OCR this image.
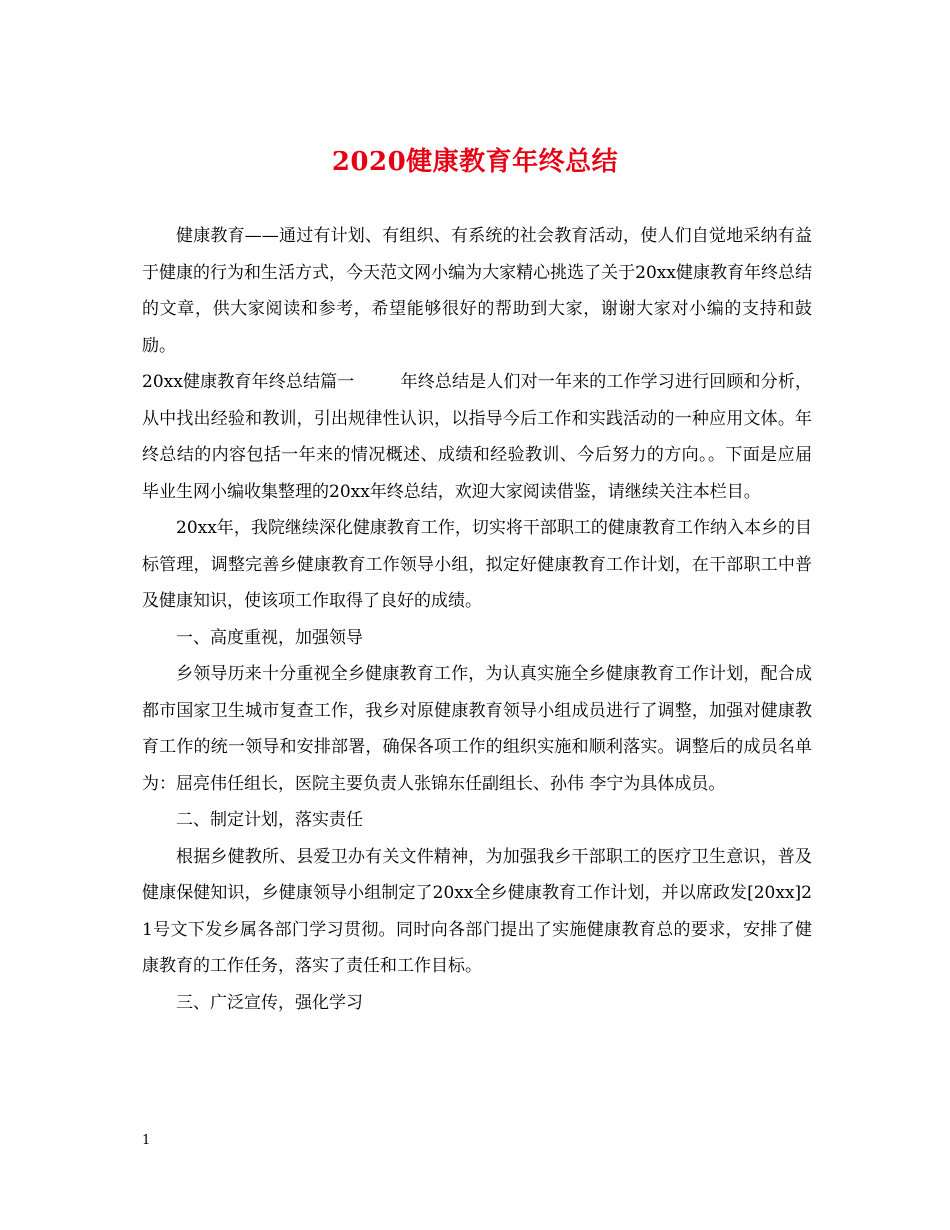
2020健康教育年终总结

健康教育——通过有计划、有组织、有系统的社会教育活动，使人们自觉地采纳有益于健康的行为和生活方式，今天范文网小编为大家精心挑选了关于20xx健康教育年终总结的文章，供大家阅读和参考，希望能够很好的帮助到大家，谢谢大家对小编的支持和鼓励。

20xx健康教育年终总结篇一	年终总结是人们对一年来的工作学习进行回顾和分析，从中找出经验和教训，引出规律性认识，以指导今后工作和实践活动的一种应用文体。年终总结的内容包括一年来的情况概述、成绩和经验教训、今后努力的方向。。下面是应届毕业生网小编收集整理的20xx年终总结，欢迎大家阅读借鉴，请继续关注本栏目。

20xx年，我院继续深化健康教育工作，切实将干部职工的健康教育工作纳入本乡的目标管理，调整完善乡健康教育工作领导小组，拟定好健康教育工作计划，在干部职工中普及健康知识，使该项工作取得了良好的成绩。

一、高度重视，加强领导

乡领导历来十分重视全乡健康教育工作，为认真实施全乡健康教育工作计划，配合成都市国家卫生城市复查工作，我乡对原健康教育领导小组成员进行了调整，加强对健康教育工作的统一领导和安排部署，确保各项工作的组织实施和顺利落实。调整后的成员名单为：屈亮伟任组长，医院主要负责人张锦东任副组长、孙伟 李宁为具体成员。

二、制定计划，落实责任

根据乡健教所、县爱卫办有关文件精神，为加强我乡干部职工的医疗卫生意识，普及健康保健知识，乡健康领导小组制定了20xx全乡健康教育工作计划，并以席政发[20xx]21号文下发乡属各部门学习贯彻。同时向各部门提出了实施健康教育总的要求，安排了健康教育的工作任务，落实了责任和工作目标。

三、广泛宣传，强化学习

1
